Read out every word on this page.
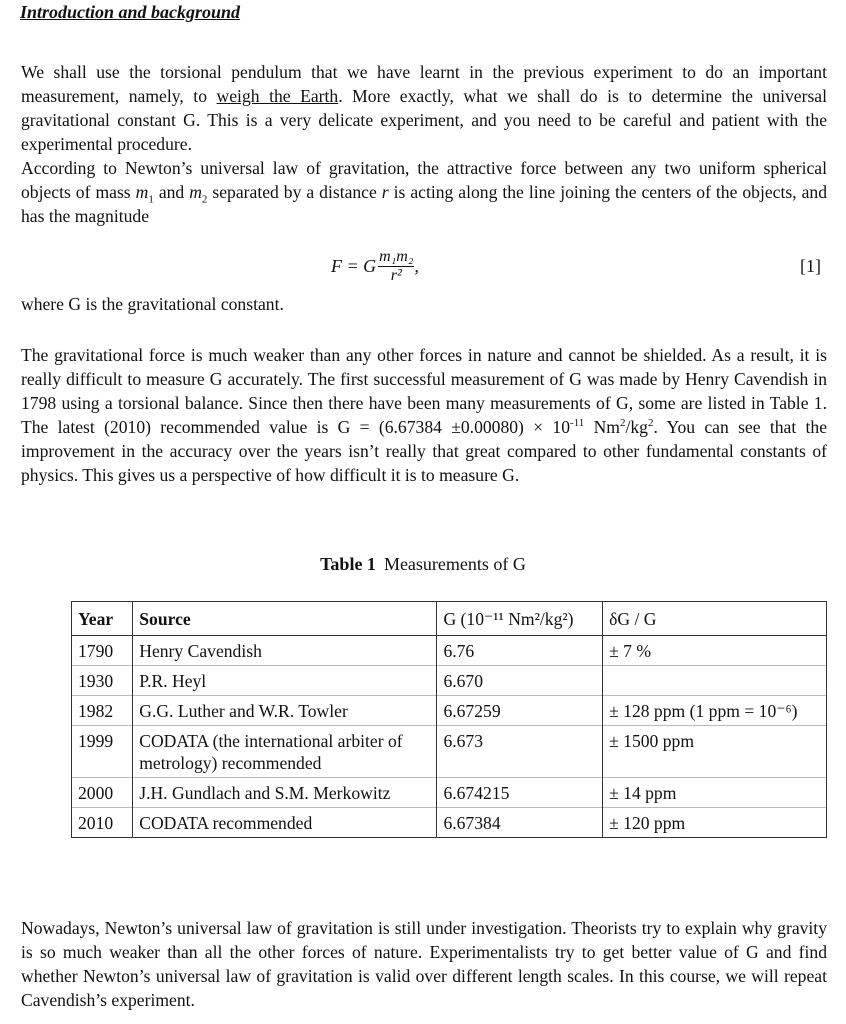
Introduction and background

We shall use the torsional pendulum that we have learnt in the previous experiment to do an important measurement, namely, to weigh the Earth. More exactly, what we shall do is to determine the universal gravitational constant G. This is a very delicate experiment, and you need to be careful and patient with the experimental procedure.

According to Newton’s universal law of gravitation, the attractive force between any two uniform spherical objects of mass $m_1$ and $m_2$ separated by a distance r is acting along the line joining the centers of the objects, and has the magnitude

F = G $\frac{\text{m₁m₂}}{\text{r²}}$ ,	[1]

where G is the gravitational constant.

The gravitational force is much weaker than any other forces in nature and cannot be shielded. As a result, it is really difficult to measure G accurately. The first successful measurement of G was made by Henry Cavendish in 1798 using a torsional balance. Since then there have been many measurements of G, some are listed in Table 1. The latest (2010) recommended value is $G = (6.67384 \pm 0.00080) \times 10^{-11}$ $Nm^2/kg^2$. You can see that the improvement in the accuracy over the years isn’t really that great compared to other fundamental constants of physics. This gives us a perspective of how difficult it is to measure G.

Table 1 Measurements of G
Year	Source	G (10⁻¹¹ Nm²/kg²)	δG / G
1790	Henry Cavendish	6.76	± 7 %
1930	P.R. Heyl	6.670	
1982	G.G. Luther and W.R. Towler	6.67259	± 128 ppm (1 ppm = 10⁻⁶)
1999	CODATA (the international arbiter of metrology) recommended	6.673	± 1500 ppm
2000	J.H. Gundlach and S.M. Merkowitz	6.674215	± 14 ppm
2010	CODATA recommended	6.67384	± 120 ppm

Nowadays, Newton’s universal law of gravitation is still under investigation. Theorists try to explain why gravity is so much weaker than all the other forces of nature. Experimentalists try to get better value of G and find whether Newton’s universal law of gravitation is valid over different length scales. In this course, we will repeat Cavendish’s experiment.
